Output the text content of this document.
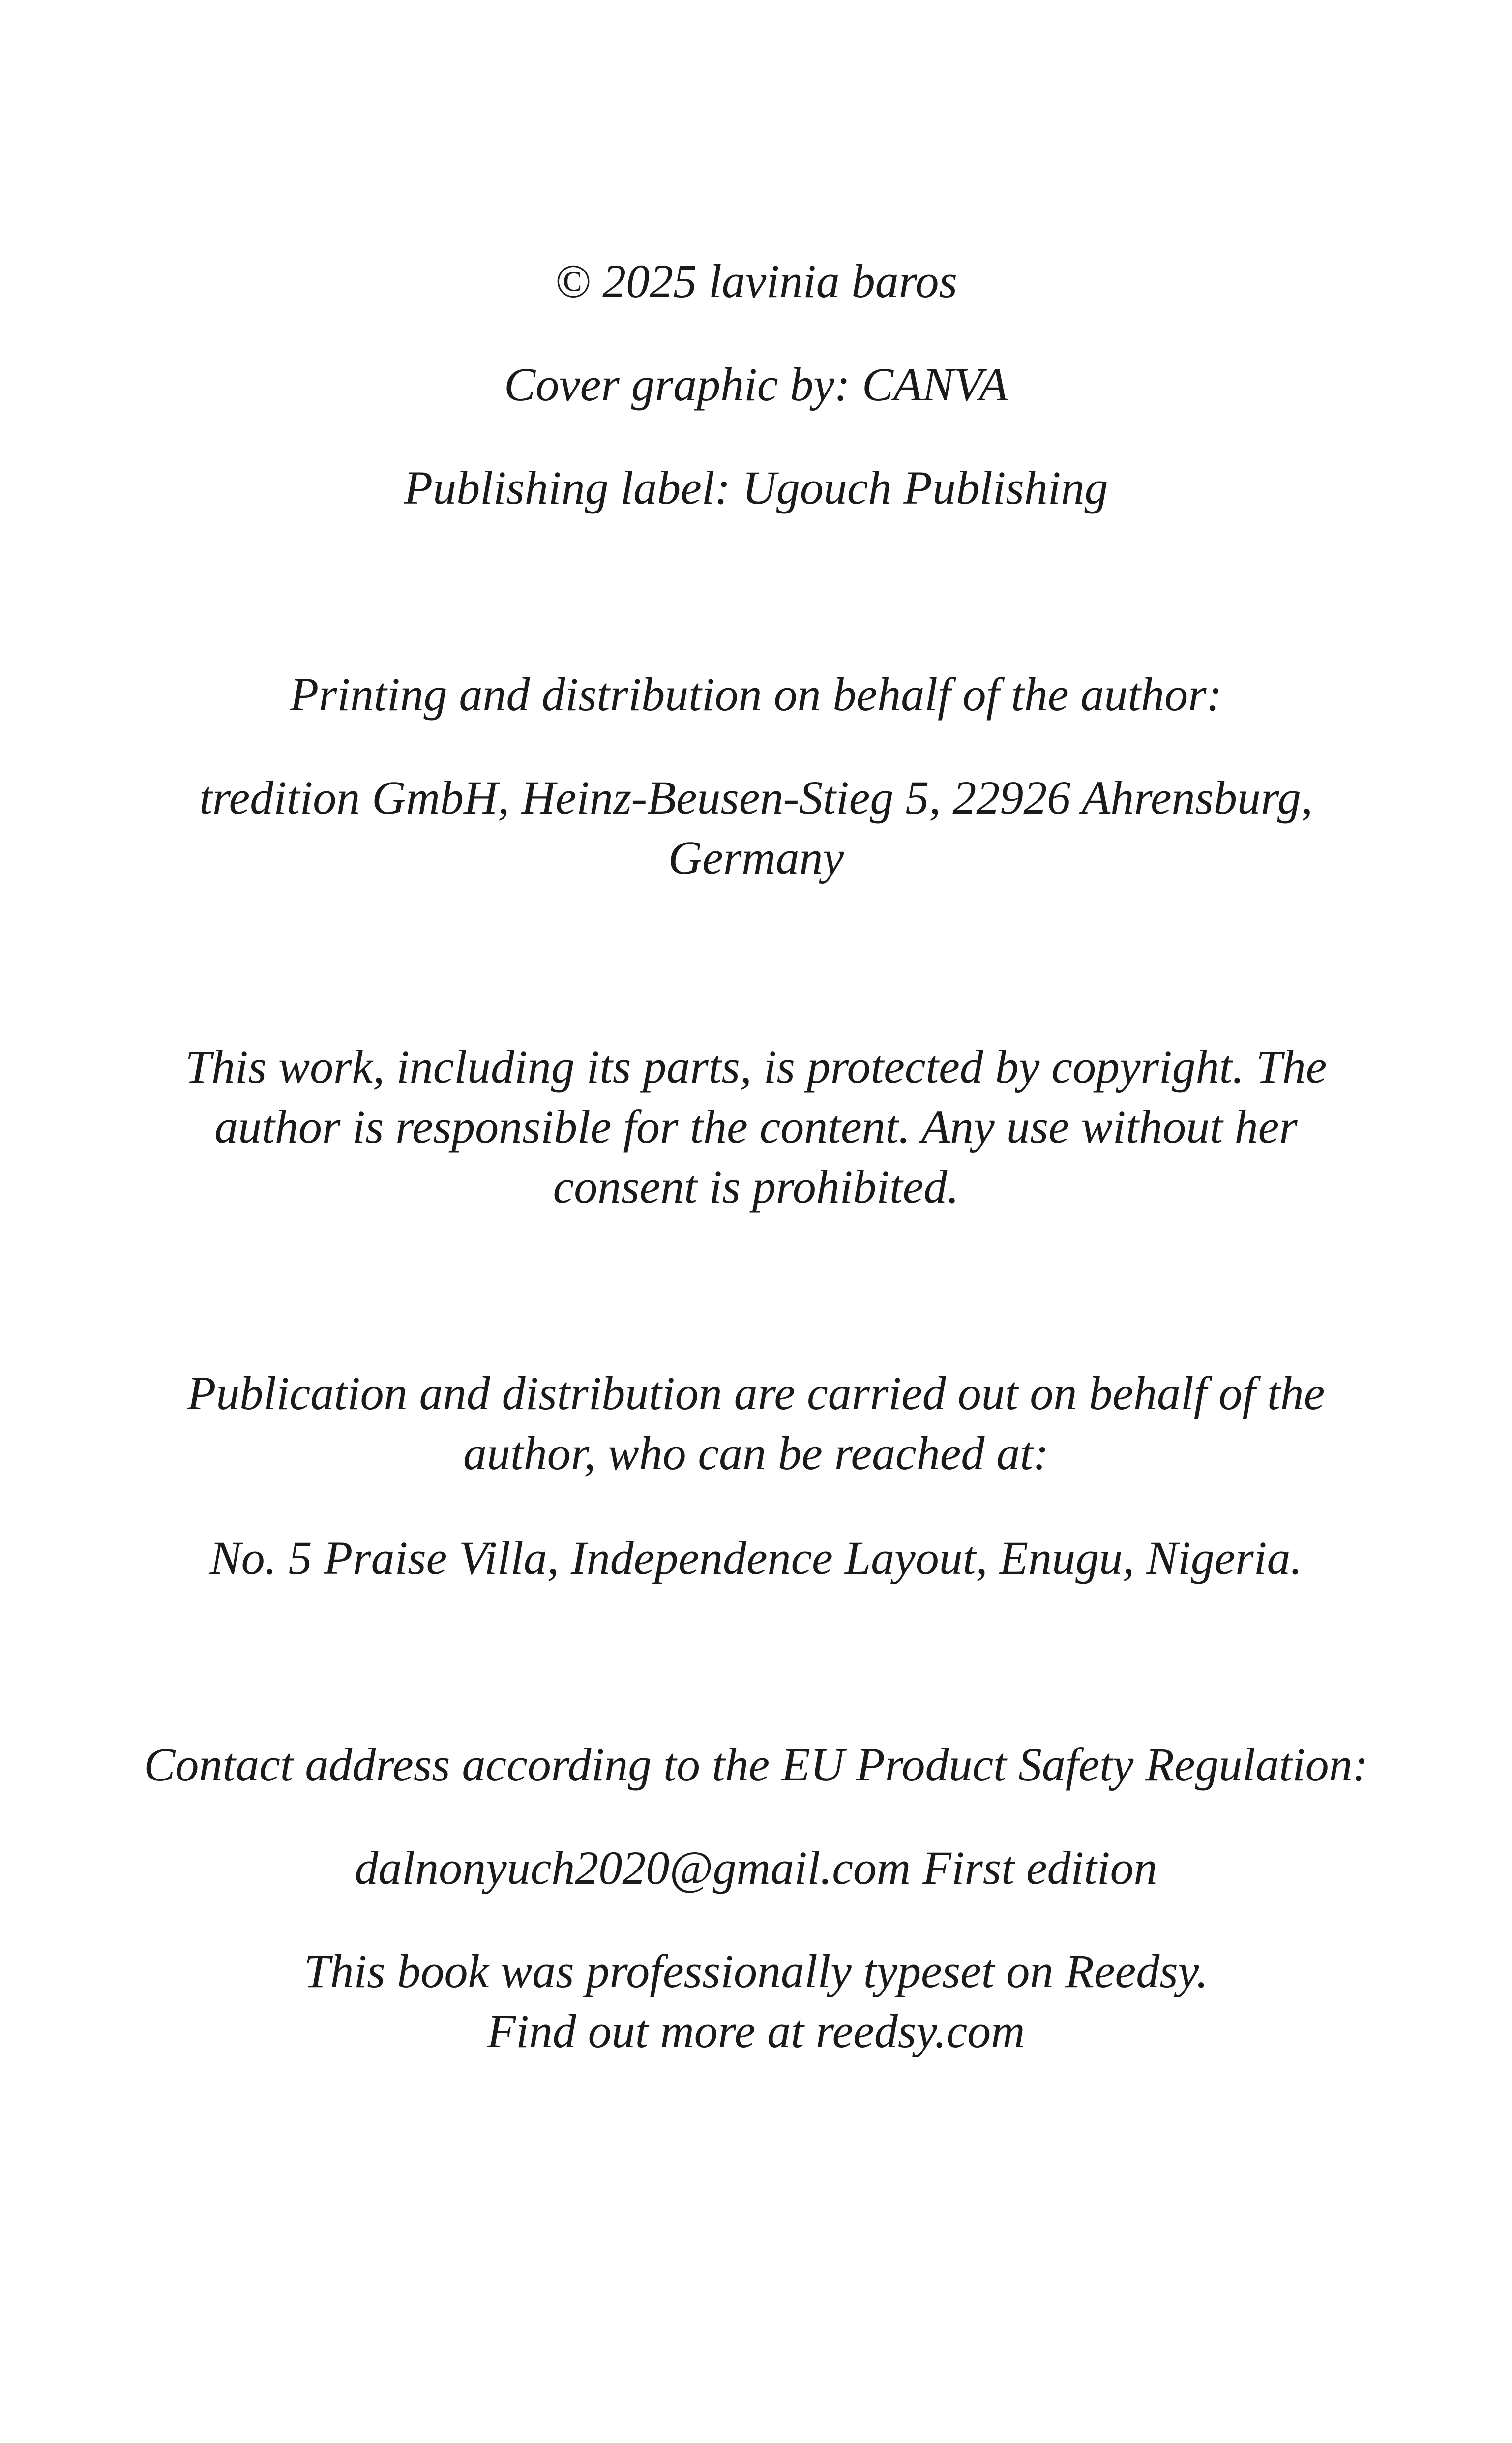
© 2025 lavinia baros
Cover graphic by: CANVA
Publishing label: Ugouch Publishing
Printing and distribution on behalf of the author:
tredition GmbH, Heinz-Beusen-Stieg 5, 22926 Ahrensburg,
Germany
This work, including its parts, is protected by copyright. The author is responsible for the content. Any use without her consent is prohibited.
Publication and distribution are carried out on behalf of the author, who can be reached at:
No. 5 Praise Villa, Independence Layout, Enugu, Nigeria.
Contact address according to the EU Product Safety Regulation:
dalnonyuch2020@gmail.com First edition
This book was professionally typeset on Reedsy.
Find out more at reedsy.com
